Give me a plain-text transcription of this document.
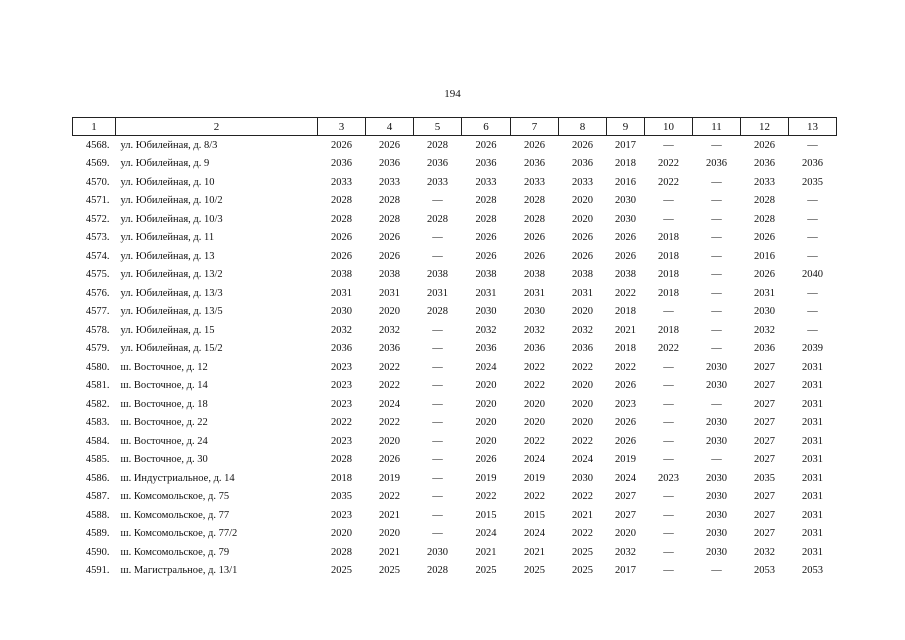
194
1	2	3	4	5	6	7	8	9	10	11	12	13
4568.	ул. Юбилейная, д. 8/3	2026	2026	2028	2026	2026	2026	2017	—	—	2026	—
4569.	ул. Юбилейная, д. 9	2036	2036	2036	2036	2036	2036	2018	2022	2036	2036	2036
4570.	ул. Юбилейная, д. 10	2033	2033	2033	2033	2033	2033	2016	2022	—	2033	2035
4571.	ул. Юбилейная, д. 10/2	2028	2028	—	2028	2028	2020	2030	—	—	2028	—
4572.	ул. Юбилейная, д. 10/3	2028	2028	2028	2028	2028	2020	2030	—	—	2028	—
4573.	ул. Юбилейная, д. 11	2026	2026	—	2026	2026	2026	2026	2018	—	2026	—
4574.	ул. Юбилейная, д. 13	2026	2026	—	2026	2026	2026	2026	2018	—	2016	—
4575.	ул. Юбилейная, д. 13/2	2038	2038	2038	2038	2038	2038	2038	2018	—	2026	2040
4576.	ул. Юбилейная, д. 13/3	2031	2031	2031	2031	2031	2031	2022	2018	—	2031	—
4577.	ул. Юбилейная, д. 13/5	2030	2020	2028	2030	2030	2020	2018	—	—	2030	—
4578.	ул. Юбилейная, д. 15	2032	2032	—	2032	2032	2032	2021	2018	—	2032	—
4579.	ул. Юбилейная, д. 15/2	2036	2036	—	2036	2036	2036	2018	2022	—	2036	2039
4580.	ш. Восточное, д. 12	2023	2022	—	2024	2022	2022	2022	—	2030	2027	2031
4581.	ш. Восточное, д. 14	2023	2022	—	2020	2022	2020	2026	—	2030	2027	2031
4582.	ш. Восточное, д. 18	2023	2024	—	2020	2020	2020	2023	—	—	2027	2031
4583.	ш. Восточное, д. 22	2022	2022	—	2020	2020	2020	2026	—	2030	2027	2031
4584.	ш. Восточное, д. 24	2023	2020	—	2020	2022	2022	2026	—	2030	2027	2031
4585.	ш. Восточное, д. 30	2028	2026	—	2026	2024	2024	2019	—	—	2027	2031
4586.	ш. Индустриальное, д. 14	2018	2019	—	2019	2019	2030	2024	2023	2030	2035	2031
4587.	ш. Комсомольское, д. 75	2035	2022	—	2022	2022	2022	2027	—	2030	2027	2031
4588.	ш. Комсомольское, д. 77	2023	2021	—	2015	2015	2021	2027	—	2030	2027	2031
4589.	ш. Комсомольское, д. 77/2	2020	2020	—	2024	2024	2022	2020	—	2030	2027	2031
4590.	ш. Комсомольское, д. 79	2028	2021	2030	2021	2021	2025	2032	—	2030	2032	2031
4591.	ш. Магистральное, д. 13/1	2025	2025	2028	2025	2025	2025	2017	—	—	2053	2053
